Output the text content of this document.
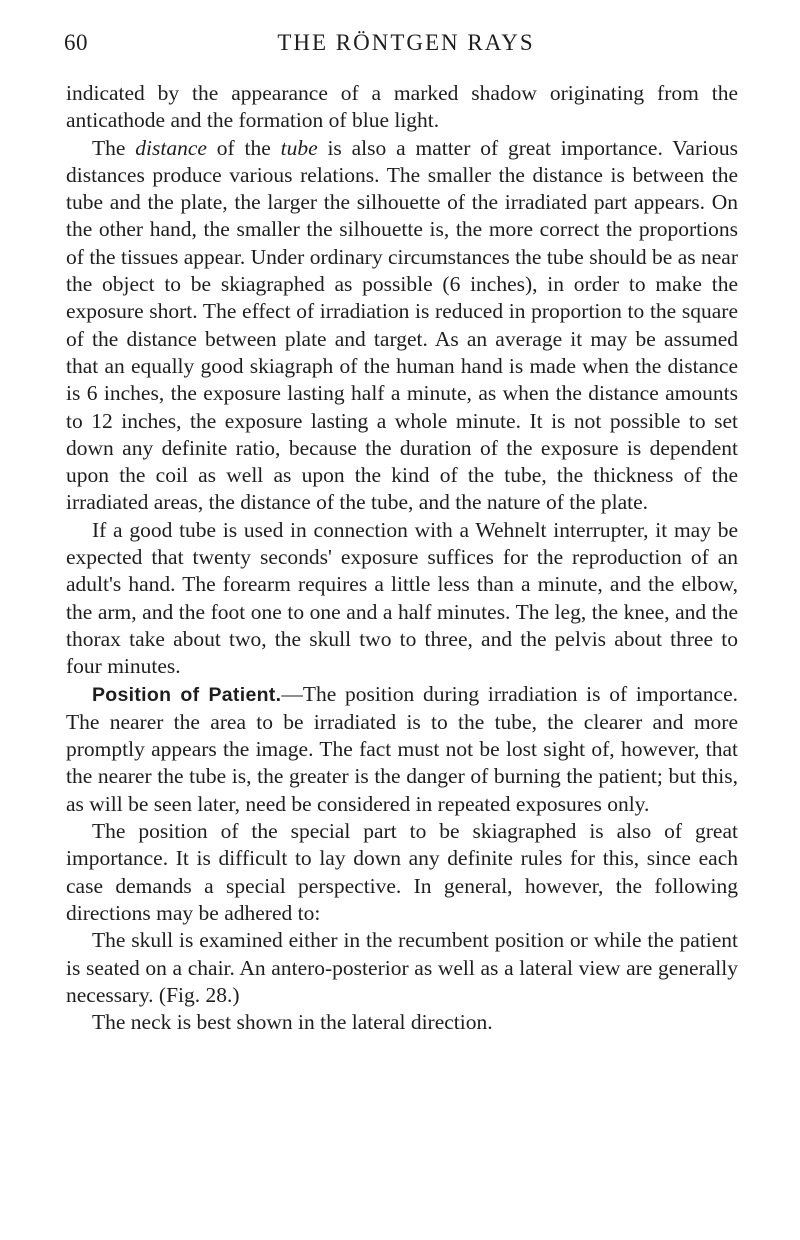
60	THE RÖNTGEN RAYS

indicated by the appearance of a marked shadow originating from the anticathode and the formation of blue light.

The distance of the tube is also a matter of great importance. Various distances produce various relations. The smaller the distance is between the tube and the plate, the larger the silhouette of the irradiated part appears. On the other hand, the smaller the silhouette is, the more correct the proportions of the tissues appear. Under ordinary circumstances the tube should be as near the object to be skiagraphed as possible (6 inches), in order to make the exposure short. The effect of irradiation is reduced in proportion to the square of the distance between plate and target. As an average it may be assumed that an equally good skiagraph of the human hand is made when the distance is 6 inches, the exposure lasting half a minute, as when the distance amounts to 12 inches, the exposure lasting a whole minute. It is not possible to set down any definite ratio, because the duration of the exposure is dependent upon the coil as well as upon the kind of the tube, the thickness of the irradiated areas, the distance of the tube, and the nature of the plate.

If a good tube is used in connection with a Wehnelt interrupter, it may be expected that twenty seconds' exposure suffices for the reproduction of an adult's hand. The forearm requires a little less than a minute, and the elbow, the arm, and the foot one to one and a half minutes. The leg, the knee, and the thorax take about two, the skull two to three, and the pelvis about three to four minutes.

Position of Patient.—The position during irradiation is of importance. The nearer the area to be irradiated is to the tube, the clearer and more promptly appears the image. The fact must not be lost sight of, however, that the nearer the tube is, the greater is the danger of burning the patient; but this, as will be seen later, need be considered in repeated exposures only.

The position of the special part to be skiagraphed is also of great importance. It is difficult to lay down any definite rules for this, since each case demands a special perspective. In general, however, the following directions may be adhered to:

The skull is examined either in the recumbent position or while the patient is seated on a chair. An antero-posterior as well as a lateral view are generally necessary. (Fig. 28.)

The neck is best shown in the lateral direction.
